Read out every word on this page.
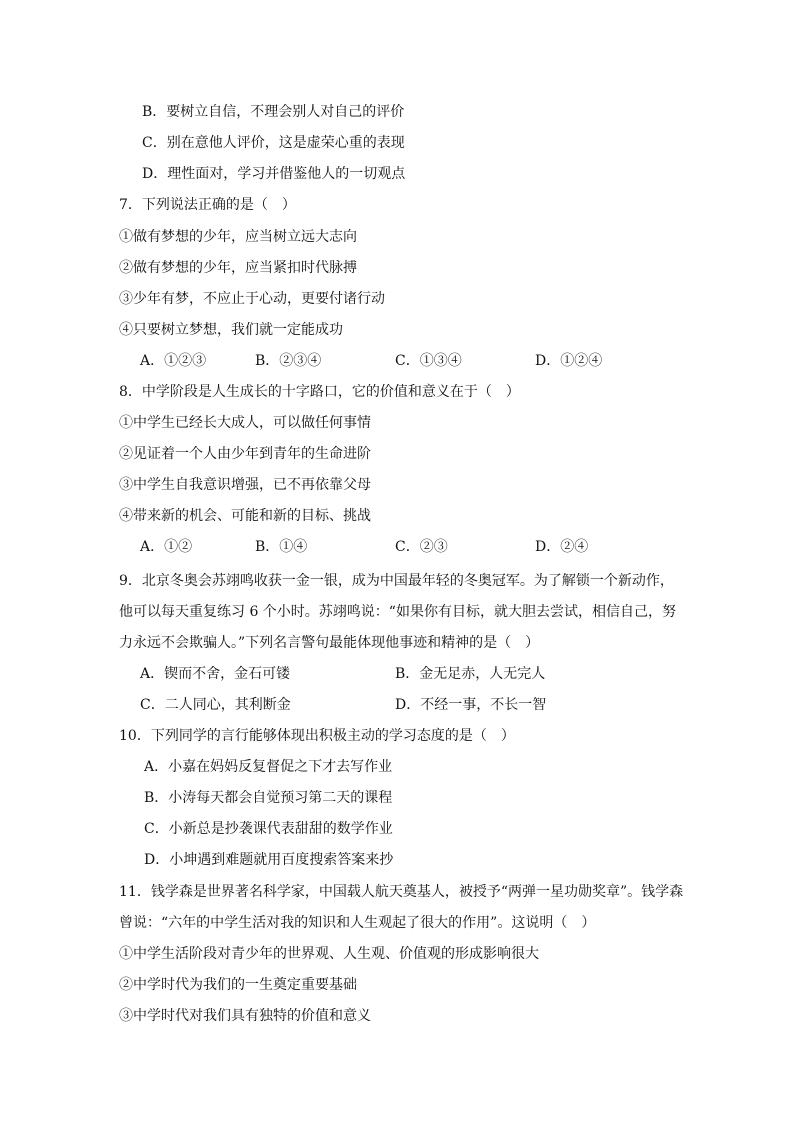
B．要树立自信，不理会别人对自己的评价
C．别在意他人评价，这是虚荣心重的表现
D．理性面对，学习并借鉴他人的一切观点
7．下列说法正确的是（　）
①做有梦想的少年，应当树立远大志向
②做有梦想的少年，应当紧扣时代脉搏
③少年有梦，不应止于心动，更要付诸行动
④只要树立梦想，我们就一定能成功
A．①②③	B．②③④	C．①③④	D．①②④
8．中学阶段是人生成长的十字路口，它的价值和意义在于（　）
①中学生已经长大成人，可以做任何事情
②见证着一个人由少年到青年的生命进阶
③中学生自我意识增强，已不再依靠父母
④带来新的机会、可能和新的目标、挑战
A．①②	B．①④	C．②③	D．②④
9．北京冬奥会苏翊鸣收获一金一银，成为中国最年轻的冬奥冠军。为了解锁一个新动作，
他可以每天重复练习 6 个小时。苏翊鸣说：“如果你有目标，就大胆去尝试，相信自己，努
力永远不会欺骗人。”下列名言警句最能体现他事迹和精神的是（　）
A．锲而不舍，金石可镂	B．金无足赤，人无完人
C．二人同心，其利断金	D．不经一事，不长一智
10．下列同学的言行能够体现出积极主动的学习态度的是（　）
A．小嘉在妈妈反复督促之下才去写作业
B．小涛每天都会自觉预习第二天的课程
C．小新总是抄袭课代表甜甜的数学作业
D．小坤遇到难题就用百度搜索答案来抄
11．钱学森是世界著名科学家，中国载人航天奠基人，被授予“两弹一星功勋奖章”。钱学森
曾说：“六年的中学生活对我的知识和人生观起了很大的作用”。这说明（　）
①中学生活阶段对青少年的世界观、人生观、价值观的形成影响很大
②中学时代为我们的一生奠定重要基础
③中学时代对我们具有独特的价值和意义
